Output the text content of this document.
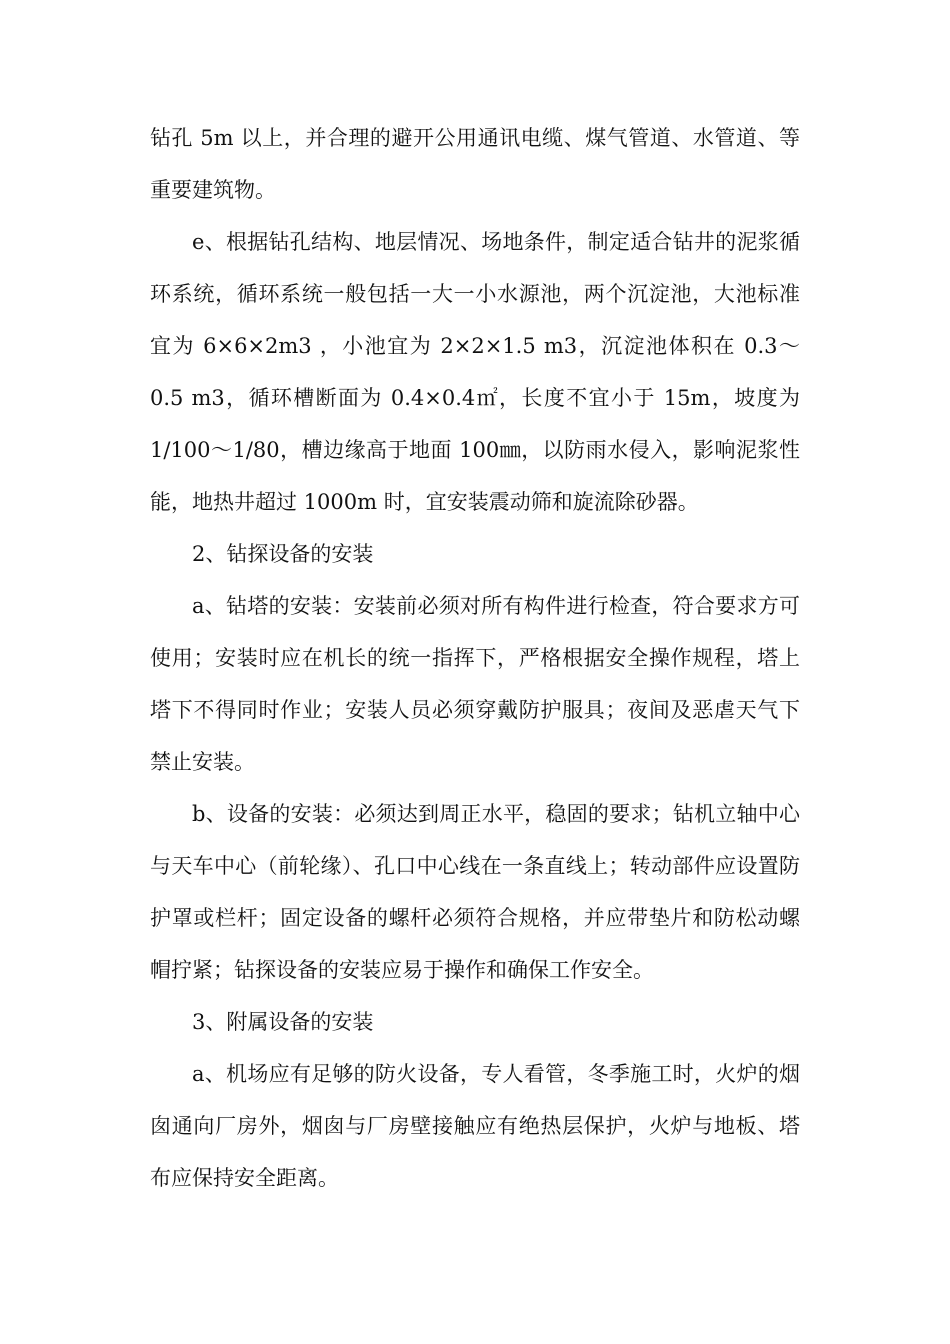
钻孔 5m 以上，并合理的避开公用通讯电缆、煤气管道、水管道、等重要建筑物。

e、根据钻孔结构、地层情况、场地条件，制定适合钻井的泥浆循环系统，循环系统一般包括一大一小水源池，两个沉淀池，大池标准宜为 6×6×2m3 ，小池宜为 2×2×1.5 m3，沉淀池体积在 0.3～0.5 m3，循环槽断面为 0.4×0.4㎡，长度不宜小于 15m，坡度为 1/100～1/80，槽边缘高于地面 100㎜，以防雨水侵入，影响泥浆性能，地热井超过 1000m 时，宜安装震动筛和旋流除砂器。

2、钻探设备的安装

a、钻塔的安装：安装前必须对所有构件进行检查，符合要求方可使用；安装时应在机长的统一指挥下，严格根据安全操作规程，塔上塔下不得同时作业；安装人员必须穿戴防护服具；夜间及恶虐天气下禁止安装。

b、设备的安装：必须达到周正水平，稳固的要求；钻机立轴中心与天车中心（前轮缘）、孔口中心线在一条直线上；转动部件应设置防护罩或栏杆；固定设备的螺杆必须符合规格，并应带垫片和防松动螺帽拧紧；钻探设备的安装应易于操作和确保工作安全。

3、附属设备的安装

a、机场应有足够的防火设备，专人看管，冬季施工时，火炉的烟囱通向厂房外，烟囱与厂房壁接触应有绝热层保护，火炉与地板、塔布应保持安全距离。
